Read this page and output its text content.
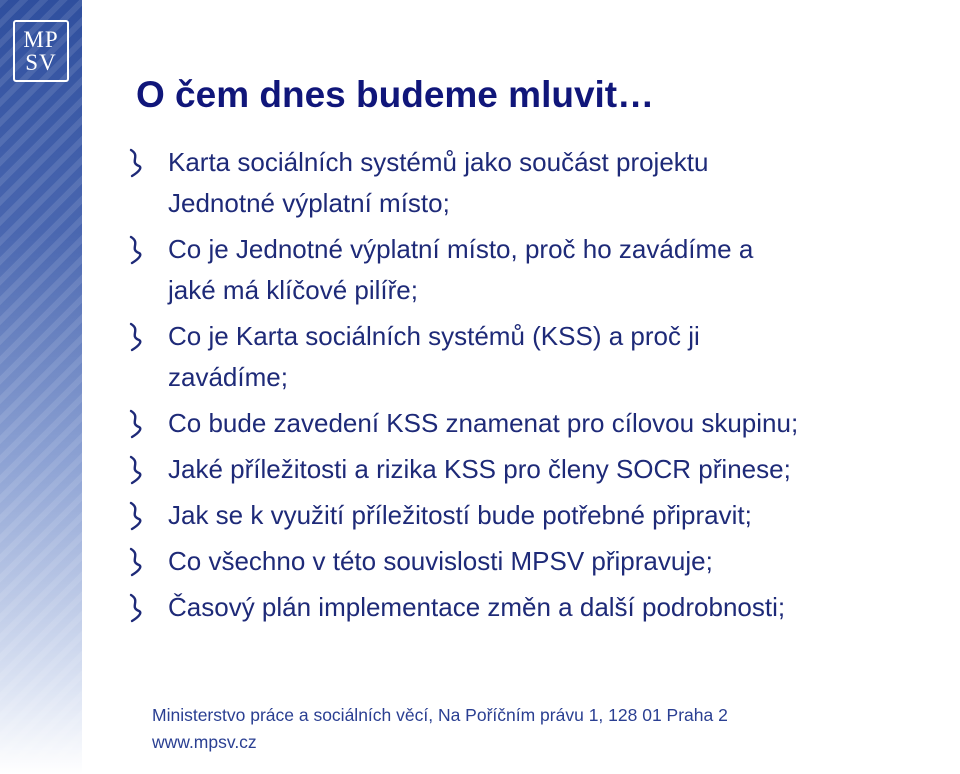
MP
SV
O čem dnes budeme mluvit…
Karta sociálních systémů jako součást projektu
Jednotné výplatní místo;
Co je Jednotné výplatní místo, proč ho zavádíme a
jaké má klíčové pilíře;
Co je Karta sociálních systémů (KSS) a proč ji
zavádíme;
Co bude zavedení KSS znamenat pro cílovou skupinu;
Jaké příležitosti a rizika KSS pro členy SOCR přinese;
Jak se k využití příležitostí bude potřebné připravit;
Co všechno v této souvislosti MPSV připravuje;
Časový plán implementace změn a další podrobnosti;
Ministerstvo práce a sociálních věcí, Na Poříčním právu 1, 128 01 Praha 2
www.mpsv.cz
